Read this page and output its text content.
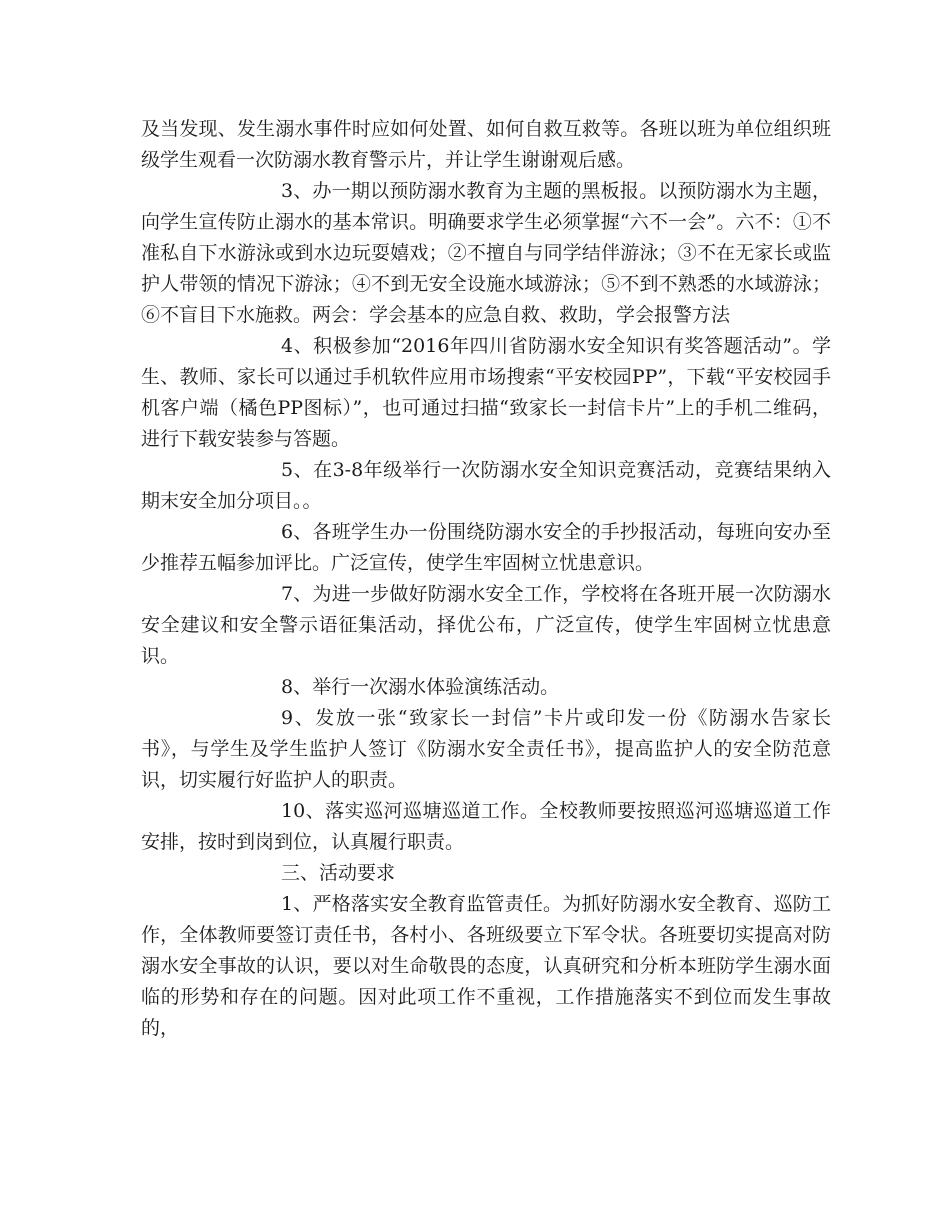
及当发现、发生溺水事件时应如何处置、如何自救互救等。各班以班为单位组织班级学生观看一次防溺水教育警示片，并让学生谢谢观后感。

3、办一期以预防溺水教育为主题的黑板报。以预防溺水为主题，向学生宣传防止溺水的基本常识。明确要求学生必须掌握“六不一会”。六不：①不准私自下水游泳或到水边玩耍嬉戏；②不擅自与同学结伴游泳；③不在无家长或监护人带领的情况下游泳；④不到无安全设施水域游泳；⑤不到不熟悉的水域游泳；⑥不盲目下水施救。两会：学会基本的应急自救、救助，学会报警方法

4、积极参加“2016年四川省防溺水安全知识有奖答题活动”。学生、教师、家长可以通过手机软件应用市场搜索“平安校园PP”，下载“平安校园手机客户端（橘色PP图标）”，也可通过扫描“致家长一封信卡片”上的手机二维码，进行下载安装参与答题。

5、在3-8年级举行一次防溺水安全知识竞赛活动，竞赛结果纳入期末安全加分项目。。

6、各班学生办一份围绕防溺水安全的手抄报活动，每班向安办至少推荐五幅参加评比。广泛宣传，使学生牢固树立忧患意识。

7、为进一步做好防溺水安全工作，学校将在各班开展一次防溺水安全建议和安全警示语征集活动，择优公布，广泛宣传，使学生牢固树立忧患意识。

8、举行一次溺水体验演练活动。

9、发放一张“致家长一封信”卡片或印发一份《防溺水告家长书》，与学生及学生监护人签订《防溺水安全责任书》，提高监护人的安全防范意识，切实履行好监护人的职责。

10、落实巡河巡塘巡道工作。全校教师要按照巡河巡塘巡道工作安排，按时到岗到位，认真履行职责。

三、活动要求

1、严格落实安全教育监管责任。为抓好防溺水安全教育、巡防工作，全体教师要签订责任书，各村小、各班级要立下军令状。各班要切实提高对防溺水安全事故的认识，要以对生命敬畏的态度，认真研究和分析本班防学生溺水面临的形势和存在的问题。因对此项工作不重视，工作措施落实不到位而发生事故的，
